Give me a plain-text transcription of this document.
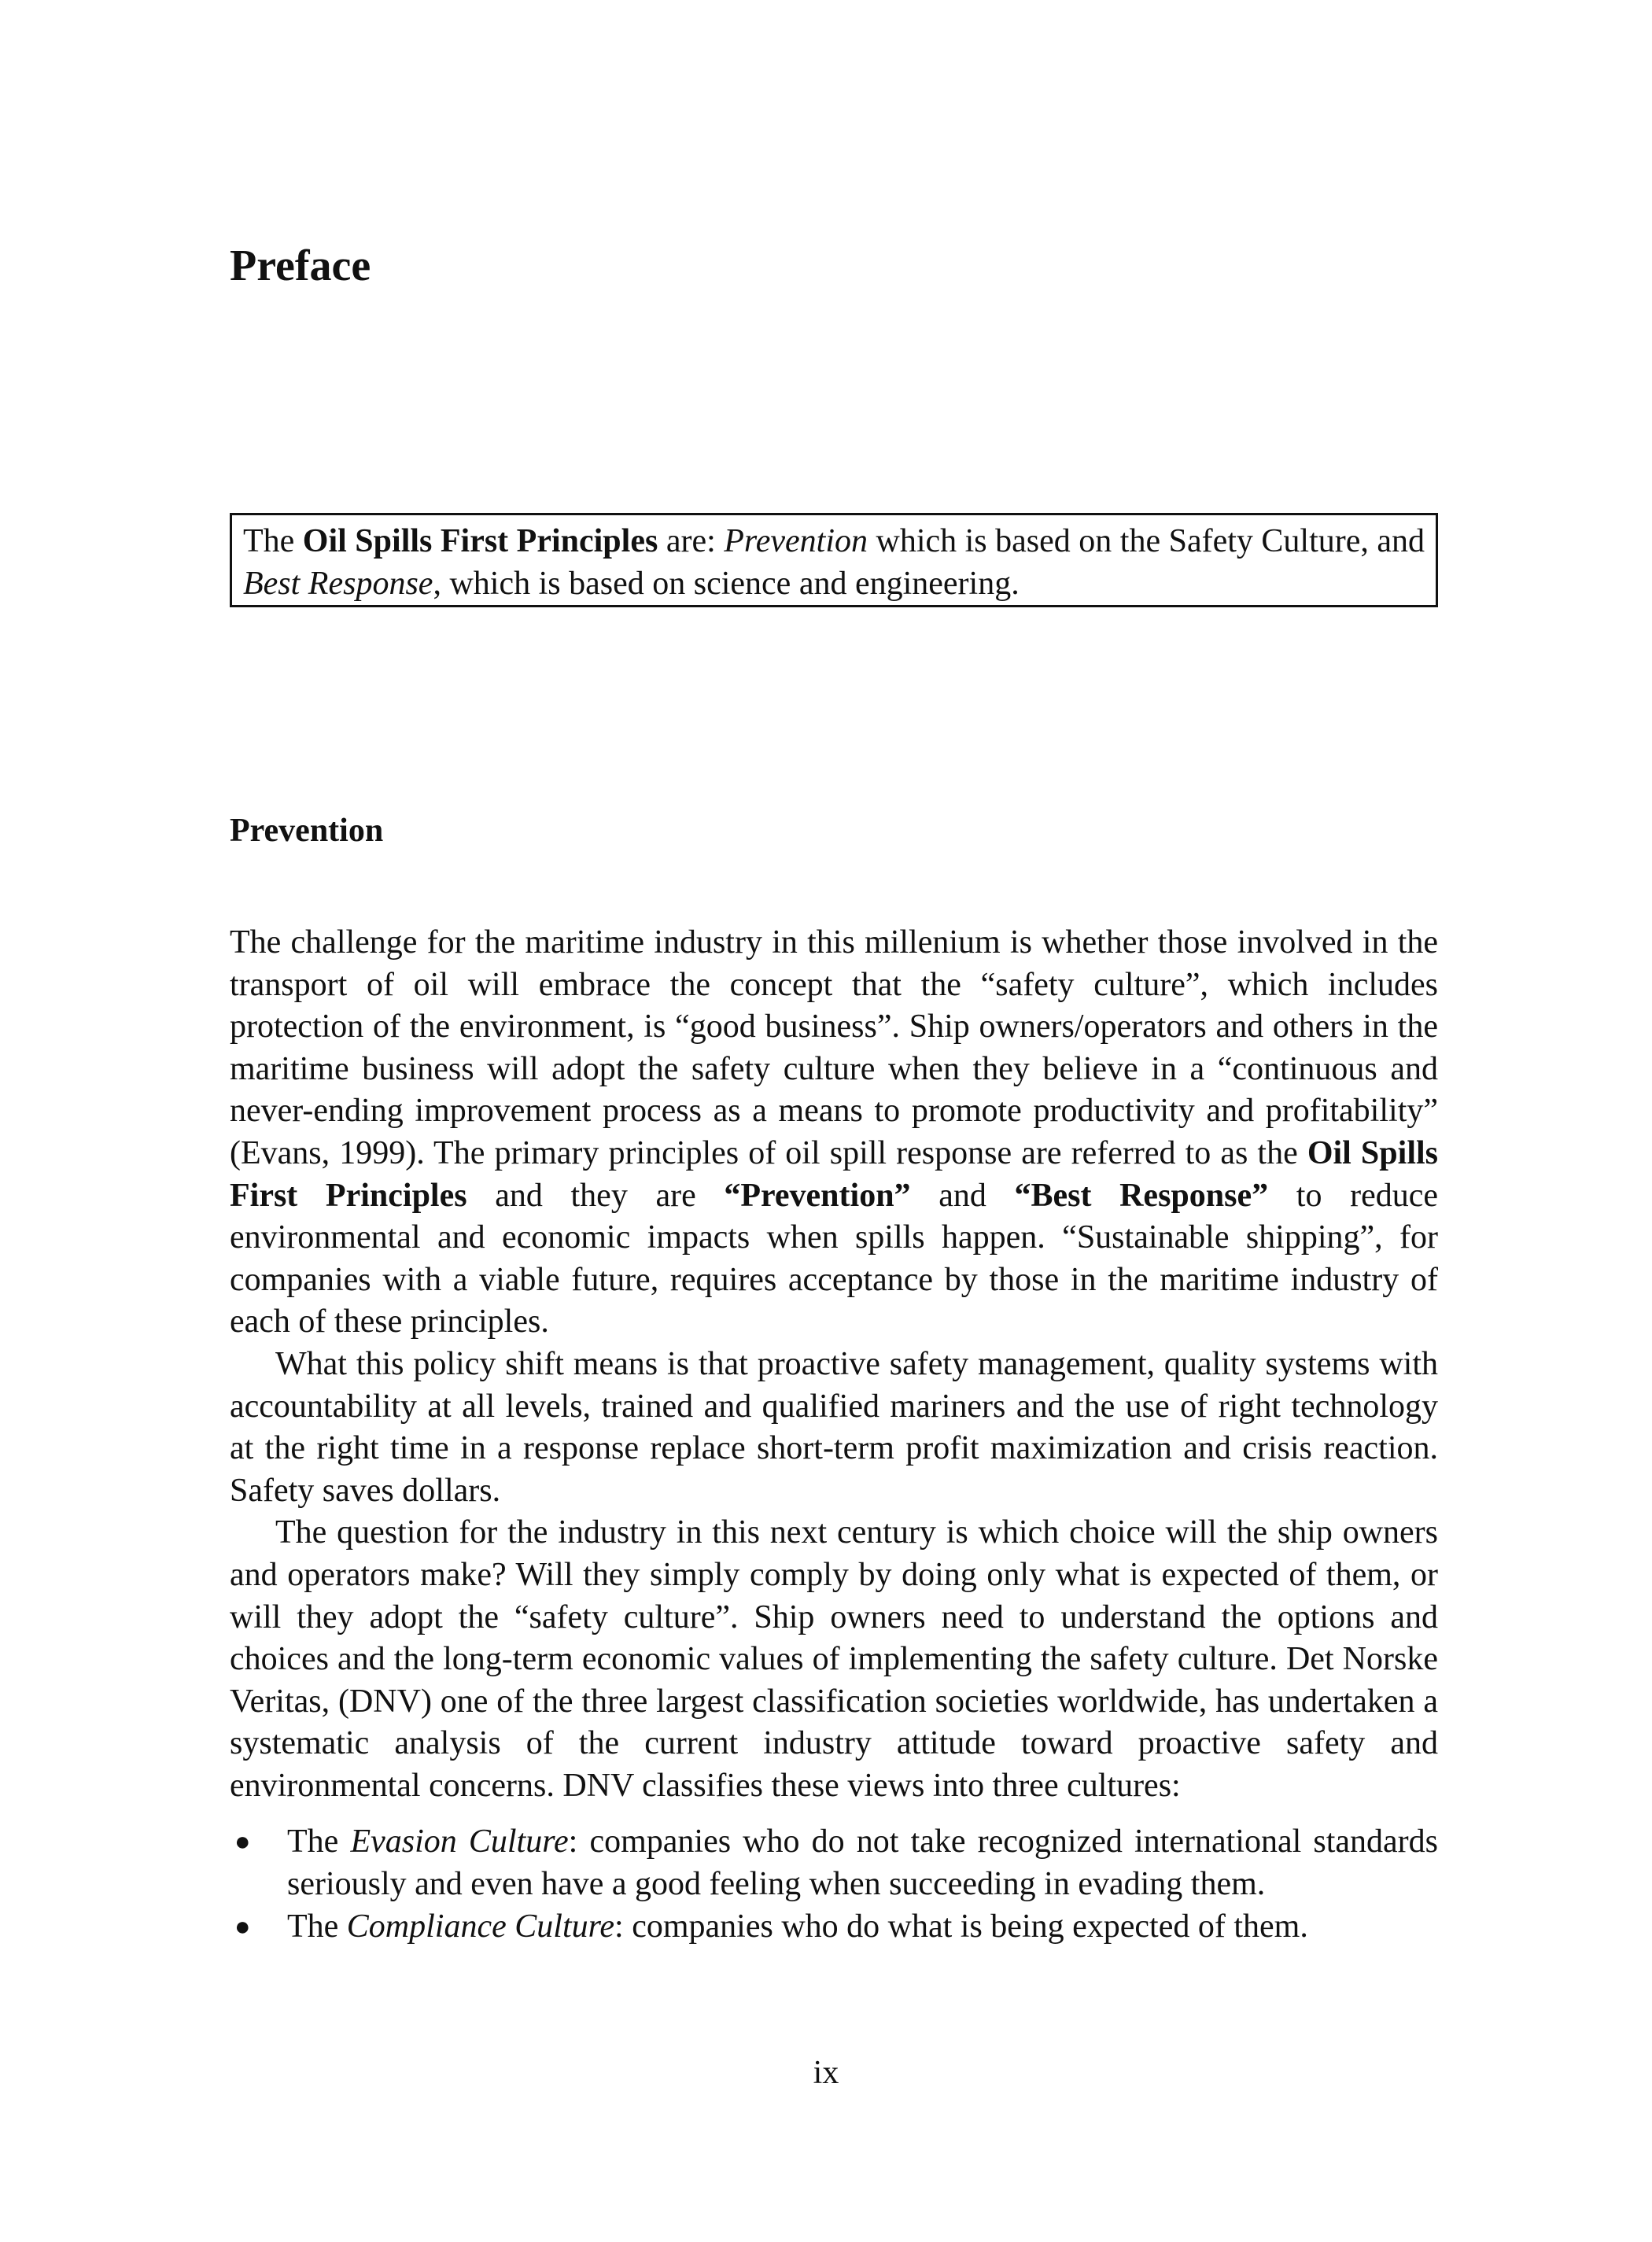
Preface

The Oil Spills First Principles are: Prevention which is based on the Safety Culture, and Best Response, which is based on science and engineering.

Prevention

The challenge for the maritime industry in this millenium is whether those involved in the transport of oil will embrace the concept that the “safety culture”, which includes protection of the environment, is “good business”. Ship owners/operators and others in the maritime business will adopt the safety culture when they believe in a “continuous and never-ending improvement process as a means to promote productivity and profitability” (Evans, 1999). The primary principles of oil spill response are referred to as the Oil Spills First Principles and they are “Prevention” and “Best Response” to reduce environmental and economic impacts when spills happen. “Sustainable shipping”, for companies with a viable future, requires acceptance by those in the maritime industry of each of these principles.

What this policy shift means is that proactive safety management, quality systems with accountability at all levels, trained and qualified mariners and the use of right technology at the right time in a response replace short-term profit maximization and crisis reaction. Safety saves dollars.

The question for the industry in this next century is which choice will the ship owners and operators make? Will they simply comply by doing only what is expected of them, or will they adopt the “safety culture”. Ship owners need to understand the options and choices and the long-term economic values of implementing the safety culture. Det Norske Veritas, (DNV) one of the three largest classification societies worldwide, has undertaken a systematic analysis of the current industry attitude toward proactive safety and environmental concerns. DNV classifies these views into three cultures:

● The Evasion Culture: companies who do not take recognized international standards seriously and even have a good feeling when succeeding in evading them.
● The Compliance Culture: companies who do what is being expected of them.
ix
